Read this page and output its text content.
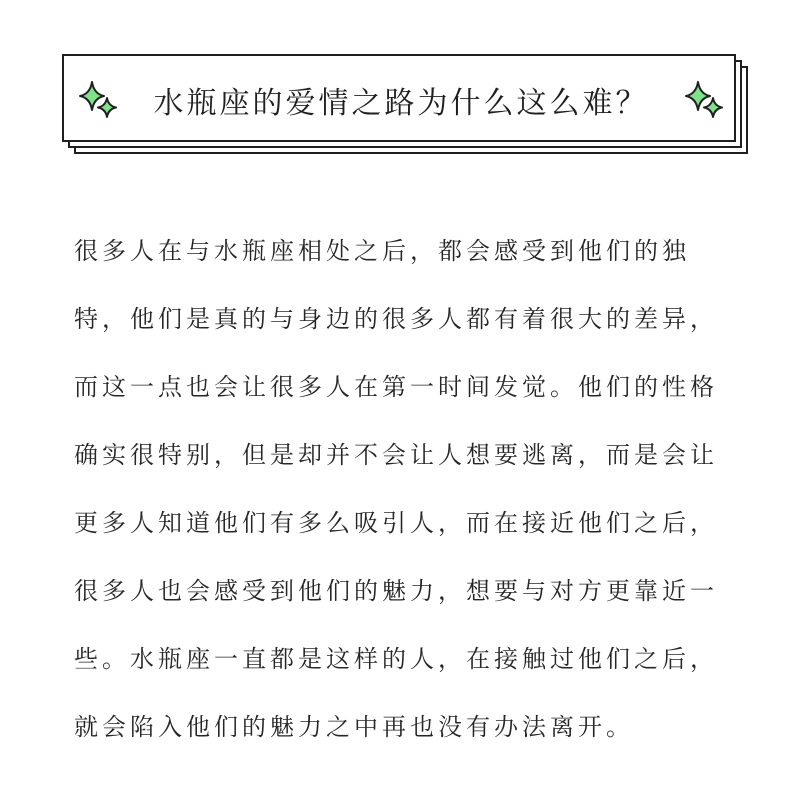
水瓶座的爱情之路为什么这么难？
很多人在与水瓶座相处之后，都会感受到他们的独
特，他们是真的与身边的很多人都有着很大的差异，
而这一点也会让很多人在第一时间发觉。他们的性格
确实很特别，但是却并不会让人想要逃离，而是会让
更多人知道他们有多么吸引人，而在接近他们之后，
很多人也会感受到他们的魅力，想要与对方更靠近一
些。水瓶座一直都是这样的人，在接触过他们之后，
就会陷入他们的魅力之中再也没有办法离开。
